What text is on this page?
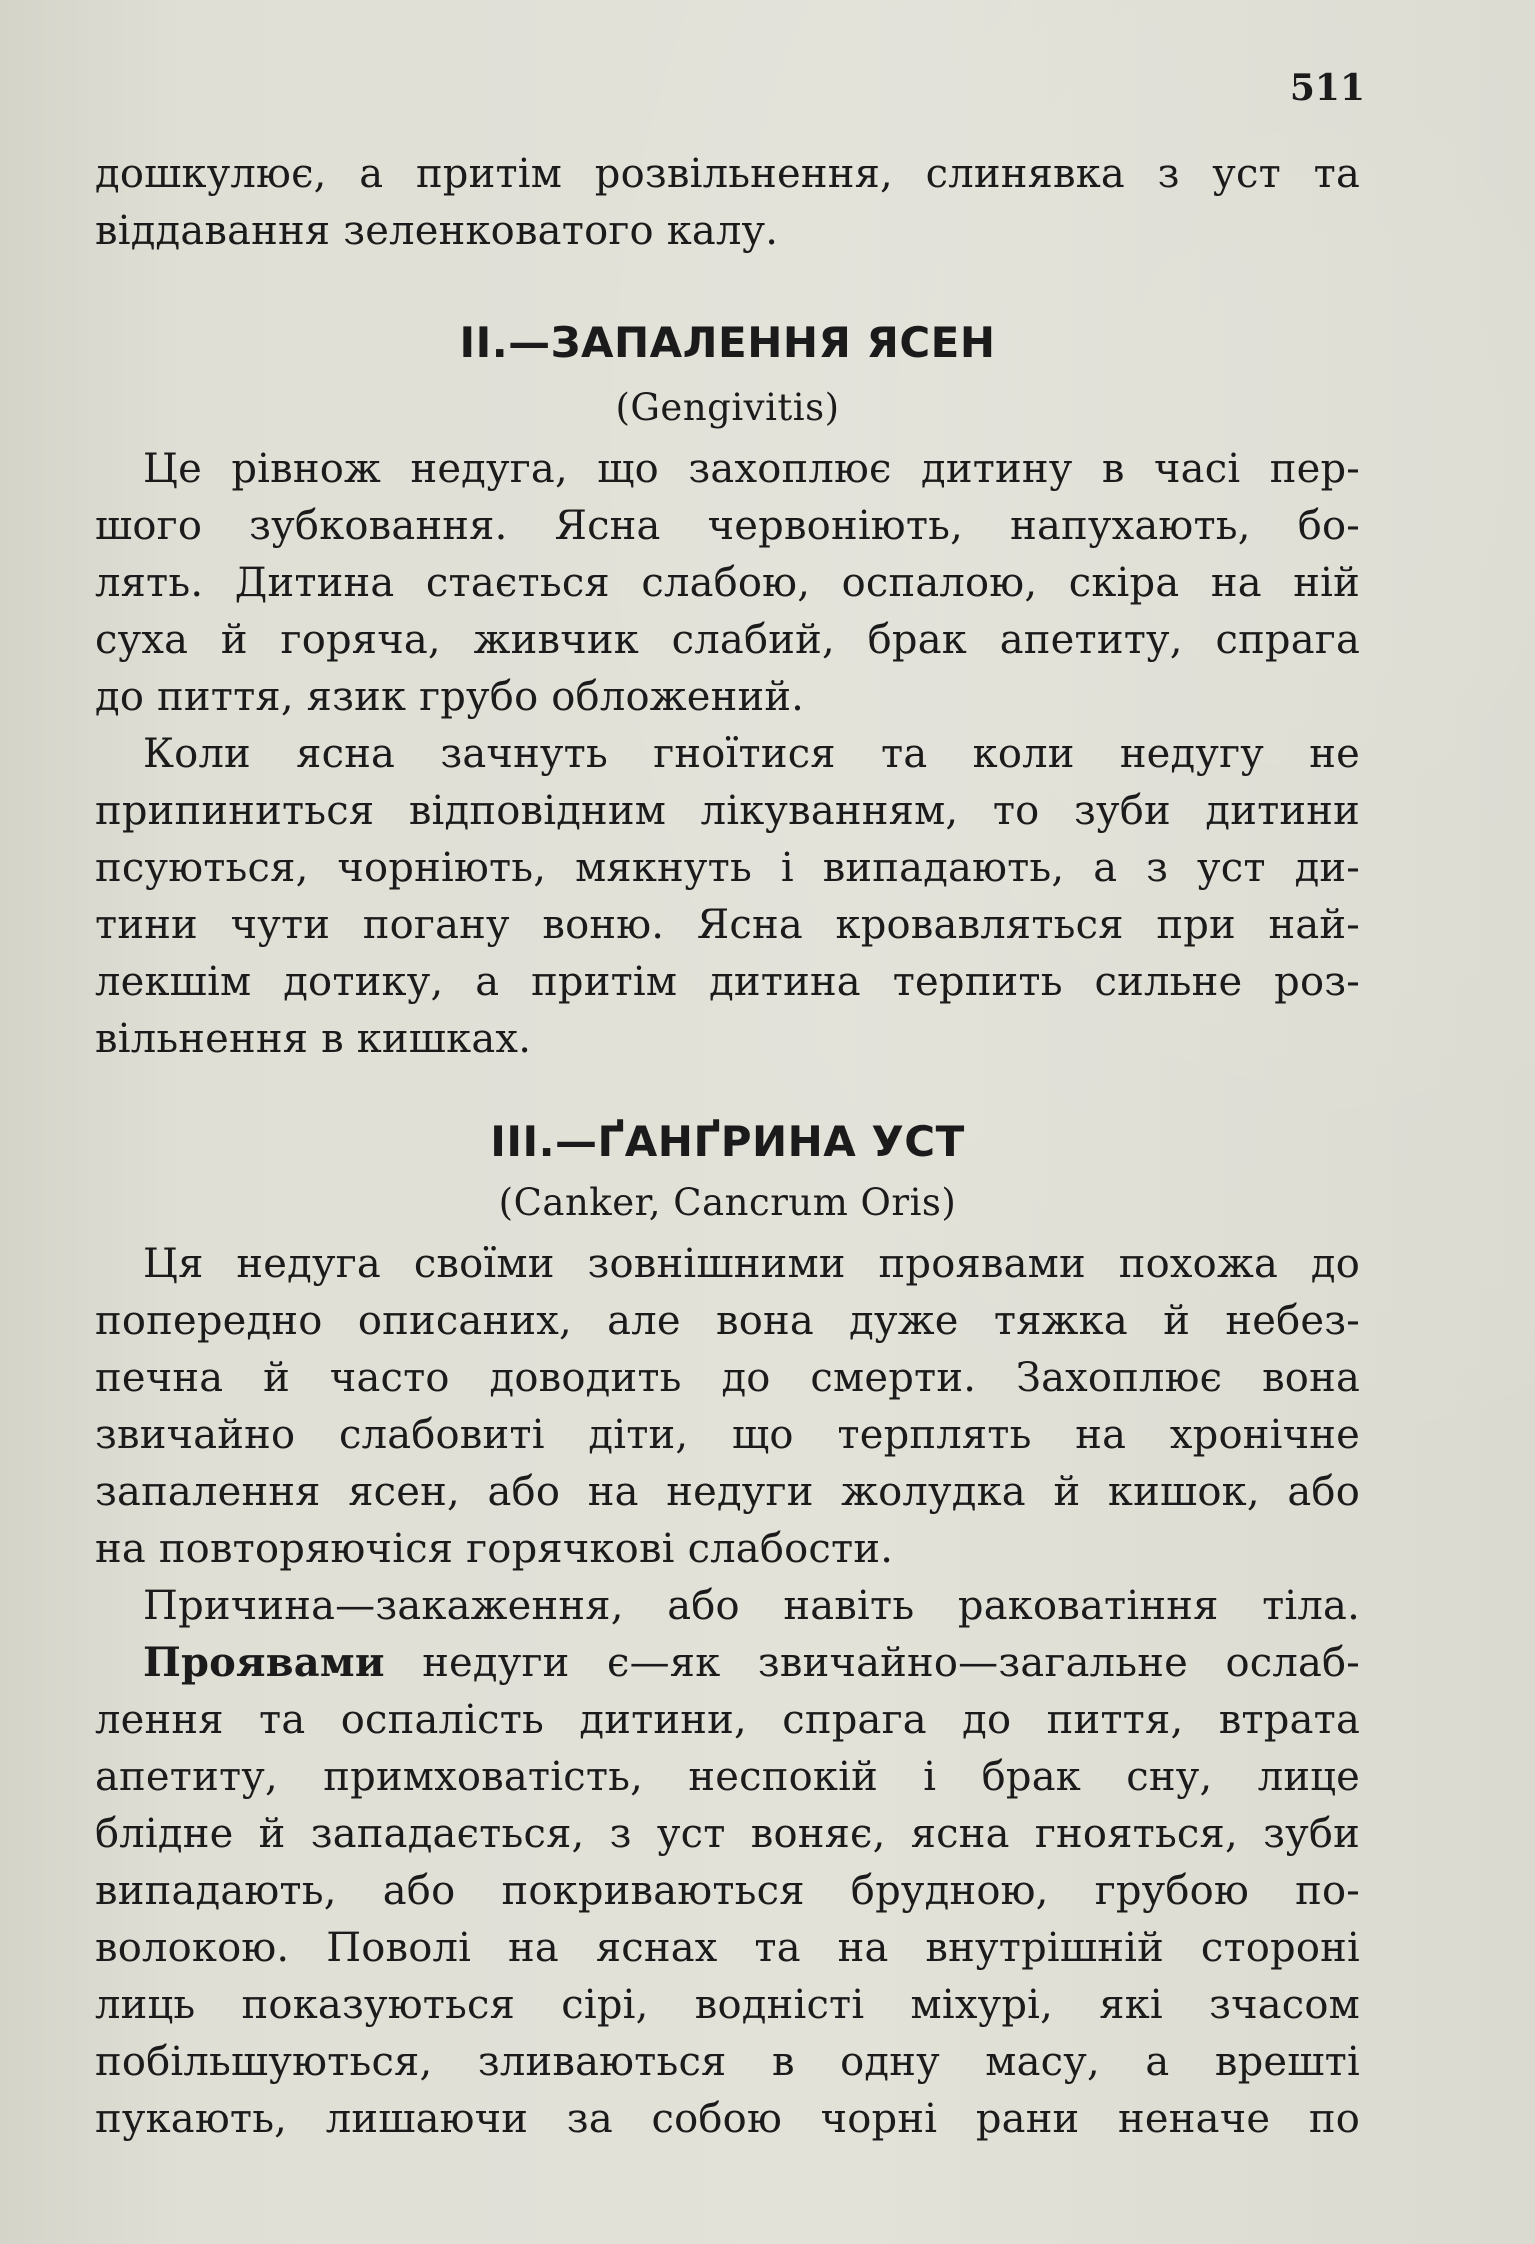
511
дошкулює, а притім розвільнення, слинявка з уст та
віддавання зеленковатого калу.
II.—ЗАПАЛЕННЯ ЯСЕН
(Gengivitis)
Це рівнож недуга, що захоплює дитину в часі пер-
шого зубковання. Ясна червоніють, напухають, бо-
лять. Дитина стається слабою, оспалою, скіра на ній
суха й горяча, живчик слабий, брак апетиту, спрага
до пиття, язик грубо обложений.
Коли ясна зачнуть гноїтися та коли недугу не
припиниться відповідним лікуванням, то зуби дитини
псуються, чорніють, мякнуть і випадають, а з уст ди-
тини чути погану воню. Ясна кровавляться при най-
лекшім дотику, а притім дитина терпить сильне роз-
вільнення в кишках.
III.—ҐАНҐРИНА УСТ
(Canker, Cancrum Oris)
Ця недуга своїми зовнішними проявами похожа до
попередно описаних, але вона дуже тяжка й небез-
печна й часто доводить до смерти. Захоплює вона
звичайно слабовиті діти, що терплять на хронічне
запалення ясен, або на недуги жолудка й кишок, або
на повторяючіся горячкові слабости.
Причина—закаження, або навіть раковатіння тіла.
Проявами недуги є—як звичайно—загальне ослаб-
лення та оспалість дитини, спрага до пиття, втрата
апетиту, примховатість, неспокій і брак сну, лице
блідне й западається, з уст воняє, ясна гнояться, зуби
випадають, або покриваються брудною, грубою по-
волокою. Поволі на яснах та на внутрішній стороні
лиць показуються сірі, водністі міхурі, які зчасом
побільшуються, зливаються в одну масу, а врешті
пукають, лишаючи за собою чорні рани неначе по
